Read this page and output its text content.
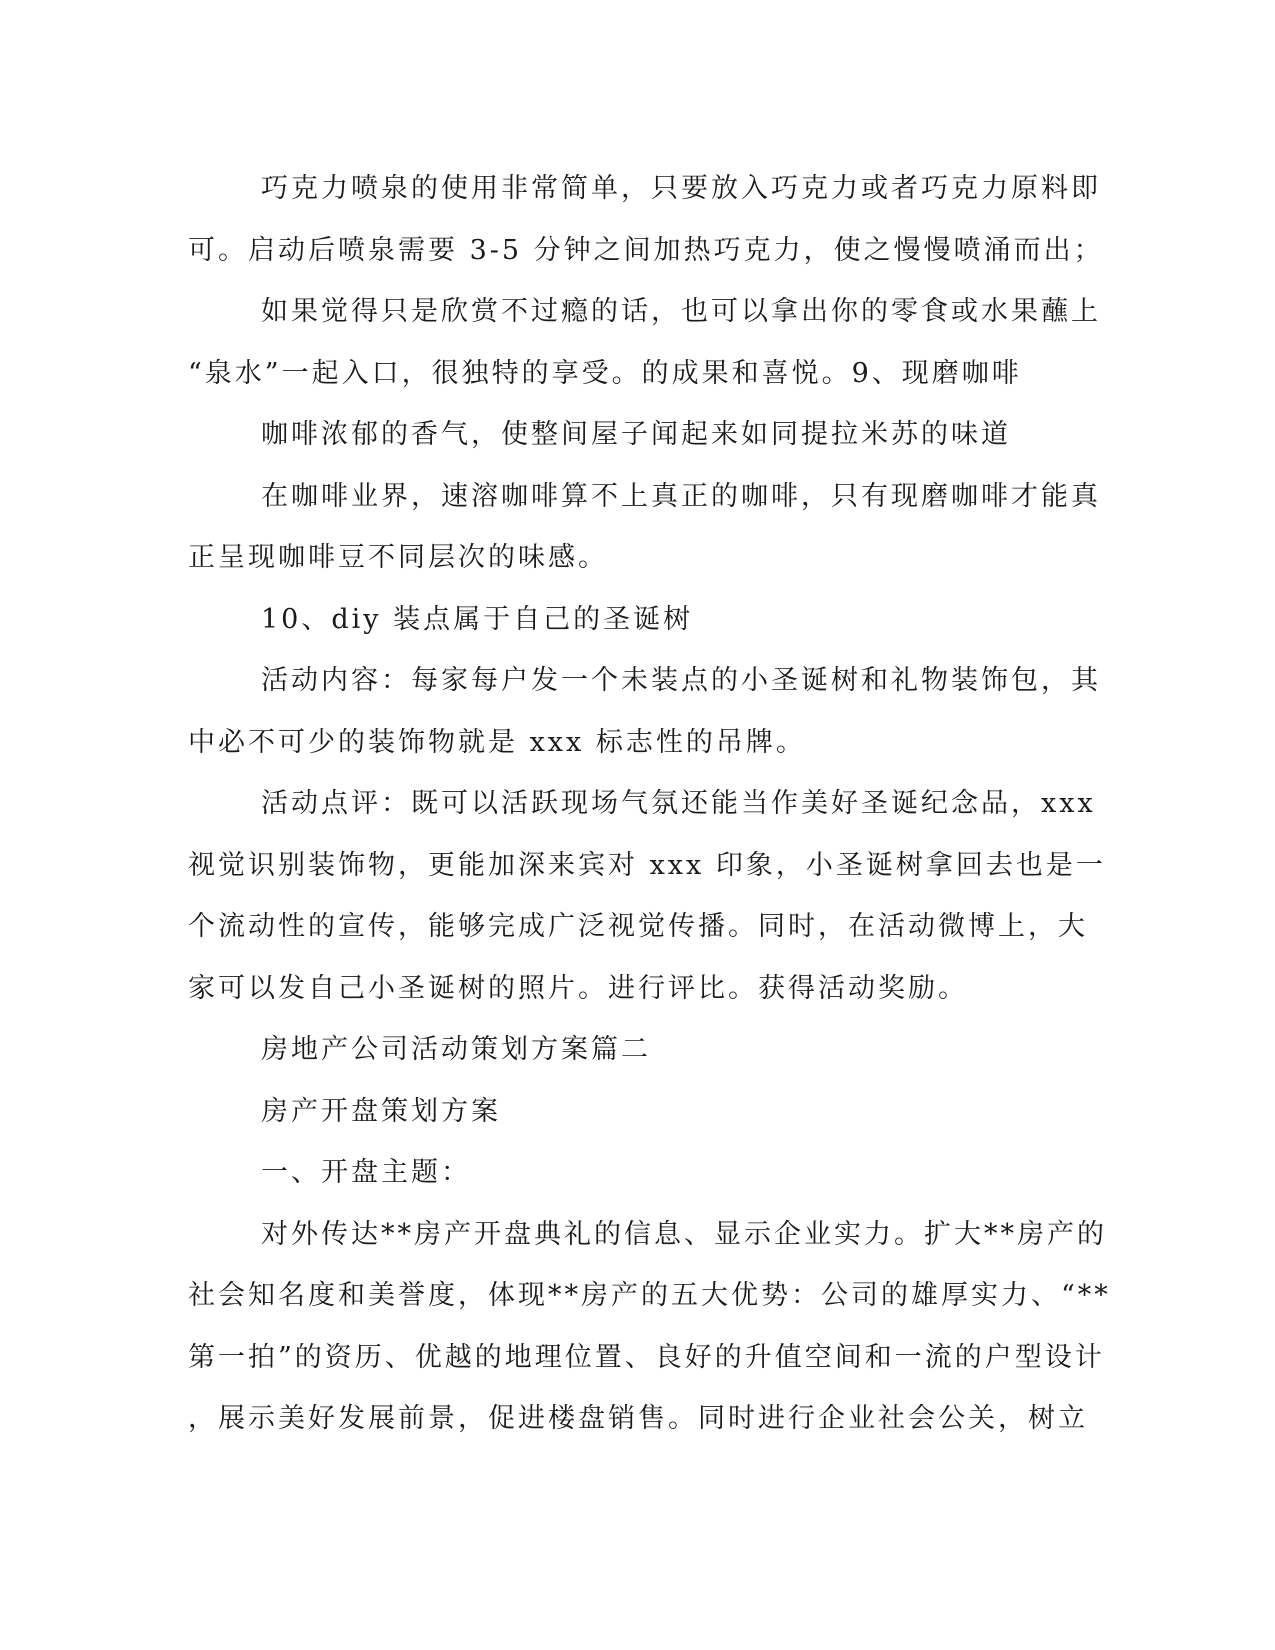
巧克力喷泉的使用非常简单，只要放入巧克力或者巧克力原料即
可。启动后喷泉需要 3-5 分钟之间加热巧克力，使之慢慢喷涌而出；
如果觉得只是欣赏不过瘾的话，也可以拿出你的零食或水果蘸上
“泉水”一起入口，很独特的享受。的成果和喜悦。9、现磨咖啡
咖啡浓郁的香气，使整间屋子闻起来如同提拉米苏的味道
在咖啡业界，速溶咖啡算不上真正的咖啡，只有现磨咖啡才能真
正呈现咖啡豆不同层次的味感。
10、diy 装点属于自己的圣诞树
活动内容：每家每户发一个未装点的小圣诞树和礼物装饰包，其
中必不可少的装饰物就是 xxx 标志性的吊牌。
活动点评：既可以活跃现场气氛还能当作美好圣诞纪念品，xxx
视觉识别装饰物，更能加深来宾对 xxx 印象，小圣诞树拿回去也是一
个流动性的宣传，能够完成广泛视觉传播。同时，在活动微博上，大
家可以发自己小圣诞树的照片。进行评比。获得活动奖励。
房地产公司活动策划方案篇二
房产开盘策划方案
一、开盘主题：
对外传达**房产开盘典礼的信息、显示企业实力。扩大**房产的
社会知名度和美誉度，体现**房产的五大优势：公司的雄厚实力、“**
第一拍”的资历、优越的地理位置、良好的升值空间和一流的户型设计
，展示美好发展前景，促进楼盘销售。同时进行企业社会公关，树立
